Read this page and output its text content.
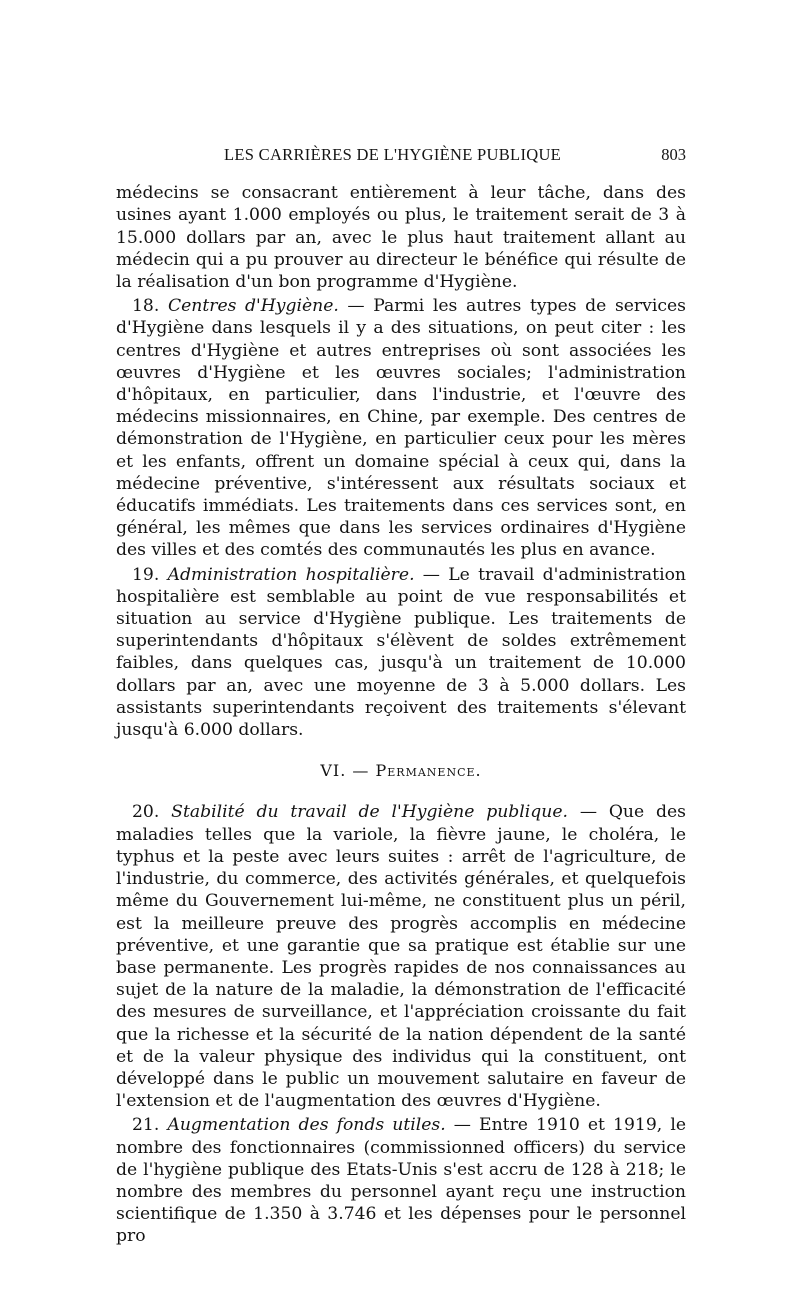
LES CARRIÈRES DE L'HYGIÈNE PUBLIQUE	803

médecins se consacrant entièrement à leur tâche, dans des usines ayant 1.000 employés ou plus, le traitement serait de 3 à 15.000 dollars par an, avec le plus haut traitement allant au médecin qui a pu prouver au directeur le bénéfice qui résulte de la réalisation d'un bon programme d'Hygiène.

18. Centres d'Hygiène. — Parmi les autres types de services d'Hygiène dans lesquels il y a des situations, on peut citer : les centres d'Hygiène et autres entreprises où sont associées les œuvres d'Hygiène et les œuvres sociales; l'administration d'hôpitaux, en particulier, dans l'industrie, et l'œuvre des médecins missionnaires, en Chine, par exemple. Des centres de démonstration de l'Hygiène, en particulier ceux pour les mères et les enfants, offrent un domaine spécial à ceux qui, dans la médecine préventive, s'intéressent aux résultats sociaux et éducatifs immédiats. Les traitements dans ces services sont, en général, les mêmes que dans les services ordinaires d'Hygiène des villes et des comtés des communautés les plus en avance.

19. Administration hospitalière. — Le travail d'administration hospitalière est semblable au point de vue responsabilités et situation au service d'Hygiène publique. Les traitements de superintendants d'hôpitaux s'élèvent de soldes extrêmement faibles, dans quelques cas, jusqu'à un traitement de 10.000 dollars par an, avec une moyenne de 3 à 5.000 dollars. Les assistants superintendants reçoivent des traitements s'élevant jusqu'à 6.000 dollars.

VI. — Permanence.

20. Stabilité du travail de l'Hygiène publique. — Que des maladies telles que la variole, la fièvre jaune, le choléra, le typhus et la peste avec leurs suites : arrêt de l'agriculture, de l'industrie, du commerce, des activités générales, et quelquefois même du Gouvernement lui-même, ne constituent plus un péril, est la meilleure preuve des progrès accomplis en médecine préventive, et une garantie que sa pratique est établie sur une base permanente. Les progrès rapides de nos connaissances au sujet de la nature de la maladie, la démonstration de l'efficacité des mesures de surveillance, et l'appréciation croissante du fait que la richesse et la sécurité de la nation dépendent de la santé et de la valeur physique des individus qui la constituent, ont développé dans le public un mouvement salutaire en faveur de l'extension et de l'augmentation des œuvres d'Hygiène.

21. Augmentation des fonds utiles. — Entre 1910 et 1919, le nombre des fonctionnaires (commissionned officers) du service de l'hygiène publique des Etats-Unis s'est accru de 128 à 218; le nombre des membres du personnel ayant reçu une instruction scientifique de 1.350 à 3.746 et les dépenses pour le personnel pro
